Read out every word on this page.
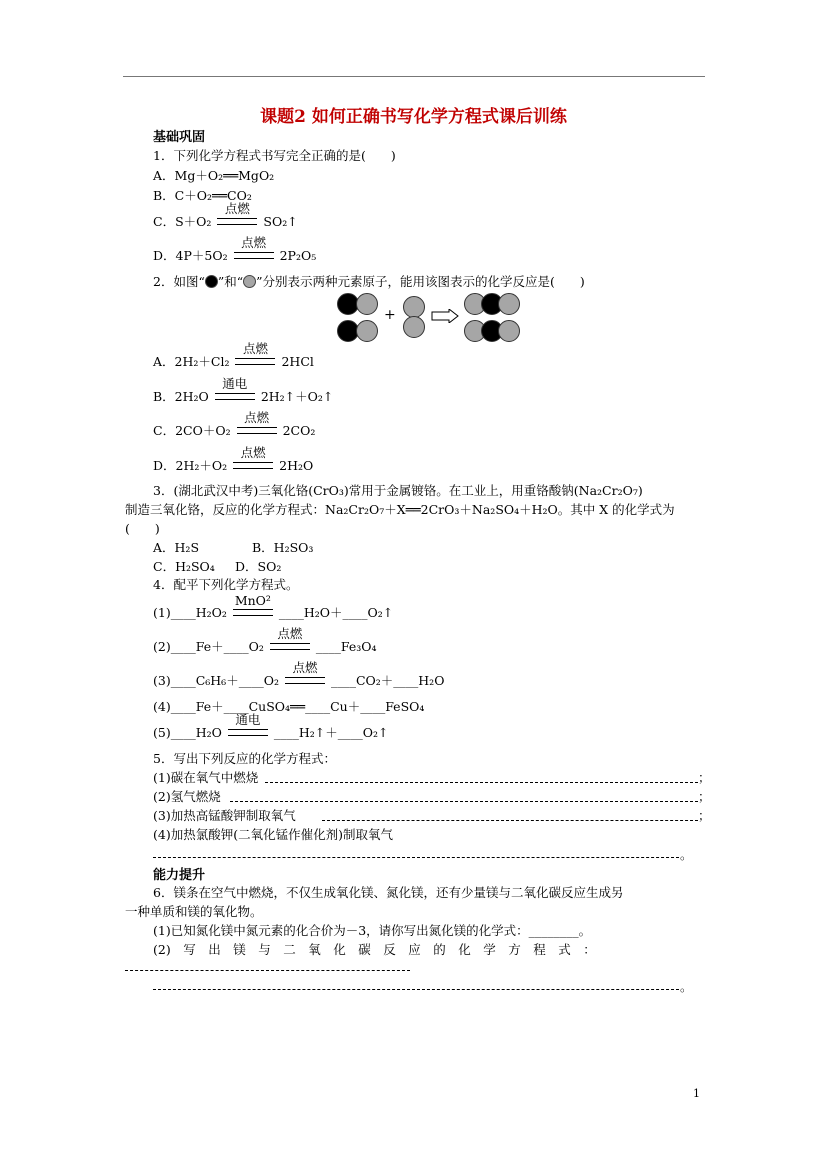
课题2 如何正确书写化学方程式课后训练
基础巩固
1．下列化学方程式书写完全正确的是(　　)
A．Mg＋O₂══MgO₂
B．C＋O₂══CO₂
C．S＋O₂
点燃
SO₂↑
D．4P＋5O₂
点燃
2P₂O₅
2．如图“ ”和“ ”分别表示两种元素原子，能用该图表示的化学反应是(　　)
+
A．2H₂＋Cl₂
点燃
2HCl
B．2H₂O
通电
2H₂↑＋O₂↑
C．2CO＋O₂
点燃
2CO₂
D．2H₂＋O₂
点燃
2H₂O
3．(湖北武汉中考)三氧化铬(CrO₃)常用于金属镀铬。在工业上，用重铬酸钠(Na₂Cr₂O₇)
制造三氧化铬，反应的化学方程式：Na₂Cr₂O₇＋X══2CrO₃＋Na₂SO₄＋H₂O。其中 X 的化学式为
(　　)
A．H₂S	B．H₂SO₃
C．H₂SO₄ D．SO₂
4．配平下列化学方程式。
(1)____H₂O₂
MnO²
____H₂O＋____O₂↑
(2)____Fe＋____O₂
点燃
____Fe₃O₄
(3)____C₆H₆＋____O₂
点燃
____CO₂＋____H₂O
(4)____Fe＋____CuSO₄══____Cu＋____FeSO₄
(5)____H₂O
通电
____H₂↑＋____O₂↑
5．写出下列反应的化学方程式：
(1)碳在氧气中燃烧	；
(2)氢气燃烧	；
(3)加热高锰酸钾制取氧气	；
(4)加热氯酸钾(二氧化锰作催化剂)制取氧气
。
能力提升
6．镁条在空气中燃烧，不仅生成氧化镁、氮化镁，还有少量镁与二氧化碳反应生成另
一种单质和镁的氧化物。
(1)已知氮化镁中氮元素的化合价为－3，请你写出氮化镁的化学式：________。
(2)　写　出　镁　与　二　氧　化　碳　反　应　的　化　学　方　程　式　：
。
1
